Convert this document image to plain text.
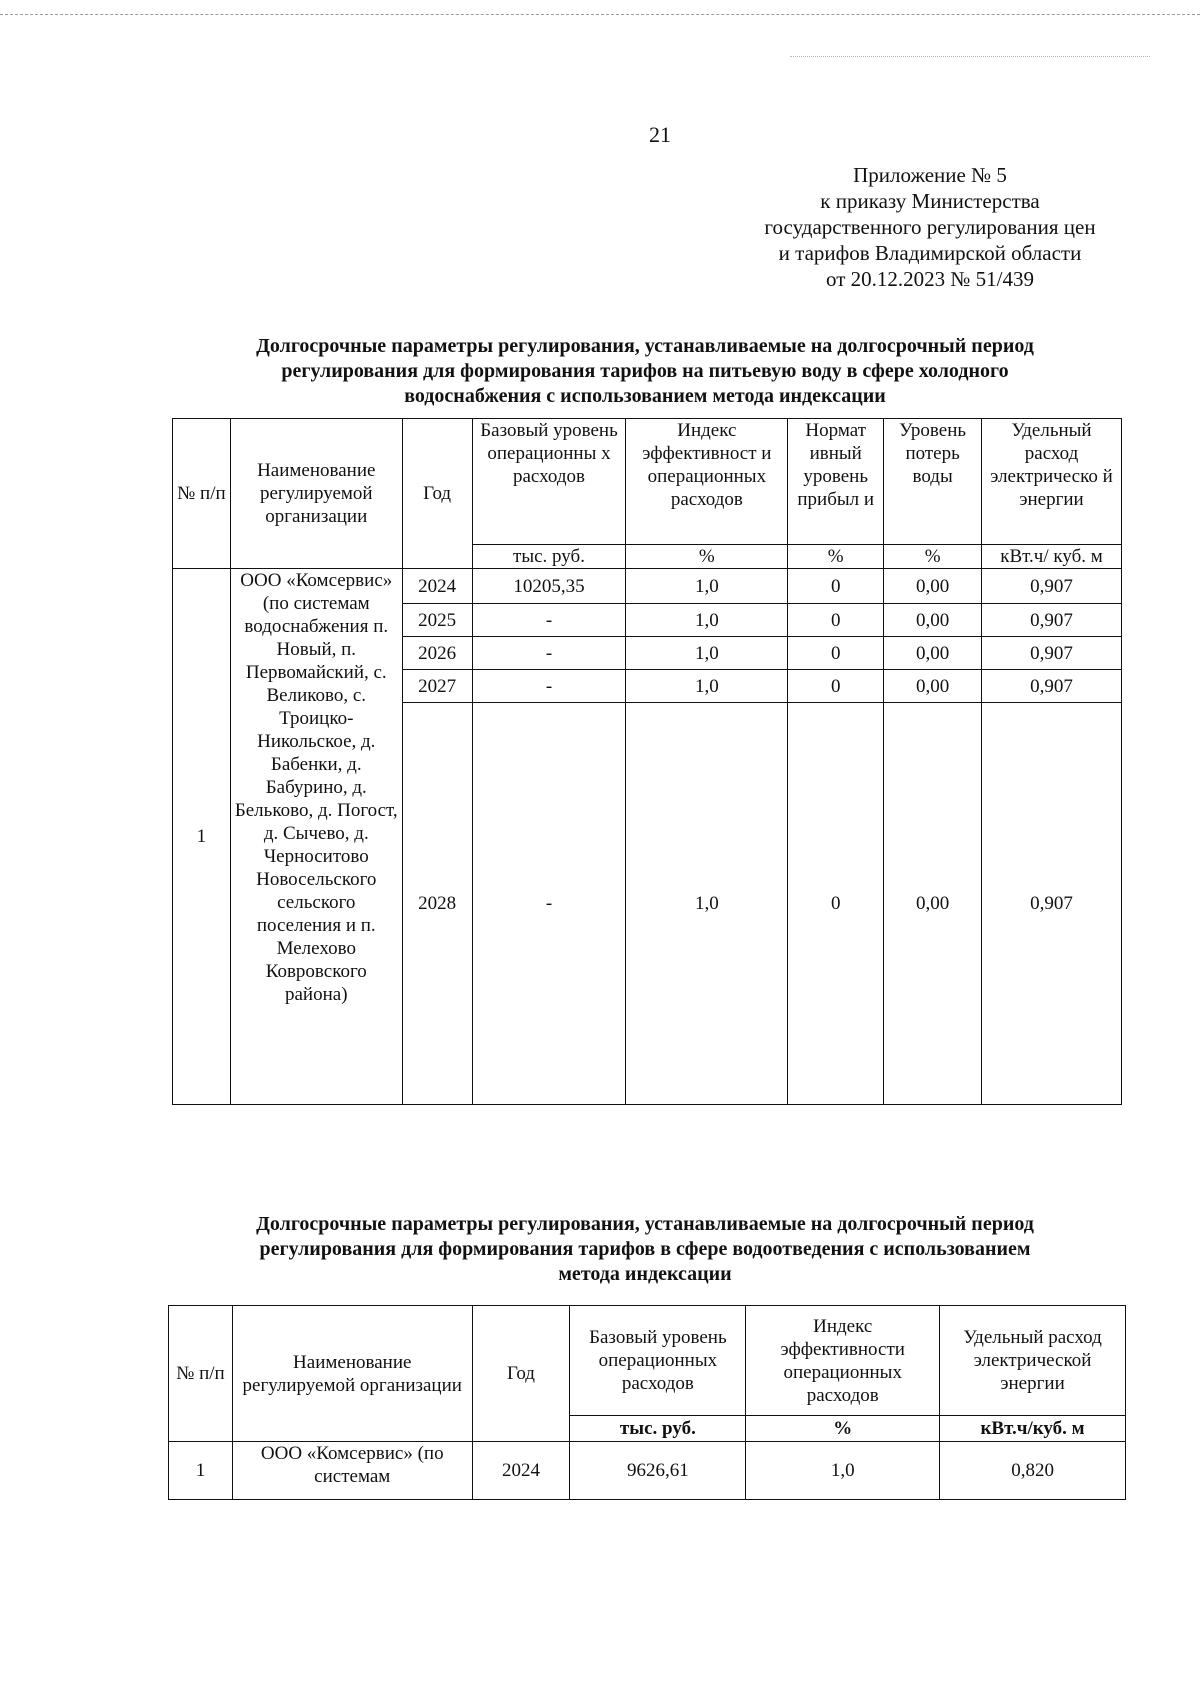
21
Приложение № 5
к приказу Министерства
государственного регулирования цен
и тарифов Владимирской области
от 20.12.2023 № 51/439
Долгосрочные параметры регулирования, устанавливаемые на долгосрочный период
регулирования для формирования тарифов на питьевую воду в сфере холодного
водоснабжения с использованием метода индексации
№ п/п	Наименование регулируемой организации	Год	Базовый уровень операционны х расходов	Индекс эффективност и операционных расходов	Нормат ивный уровень прибыл и	Уровень потерь воды	Удельный расход электрическо й энергии
			тыс. руб.	%	%	%	кВт.ч/ куб. м
1	ООО «Комсервис» (по системам водоснабжения п. Новый, п. Первомайский, с. Великово, с. Троицко-Никольское, д. Бабенки, д. Бабурино, д. Бельково, д. Погост, д. Сычево, д. Черноситово Новосельского сельского поселения и п. Мелехово Ковровского района)	2024	10205,35	1,0	0	0,00	0,907
		2025	-	1,0	0	0,00	0,907
		2026	-	1,0	0	0,00	0,907
		2027	-	1,0	0	0,00	0,907
		2028	-	1,0	0	0,00	0,907
Долгосрочные параметры регулирования, устанавливаемые на долгосрочный период
регулирования для формирования тарифов в сфере водоотведения с использованием
метода индексации
№ п/п	Наименование регулируемой организации	Год	Базовый уровень операционных расходов	Индекс эффективности операционных расходов	Удельный расход электрической энергии
			тыс. руб.	%	кВт.ч/куб. м
1	ООО «Комсервис» (по системам	2024	9626,61	1,0	0,820
